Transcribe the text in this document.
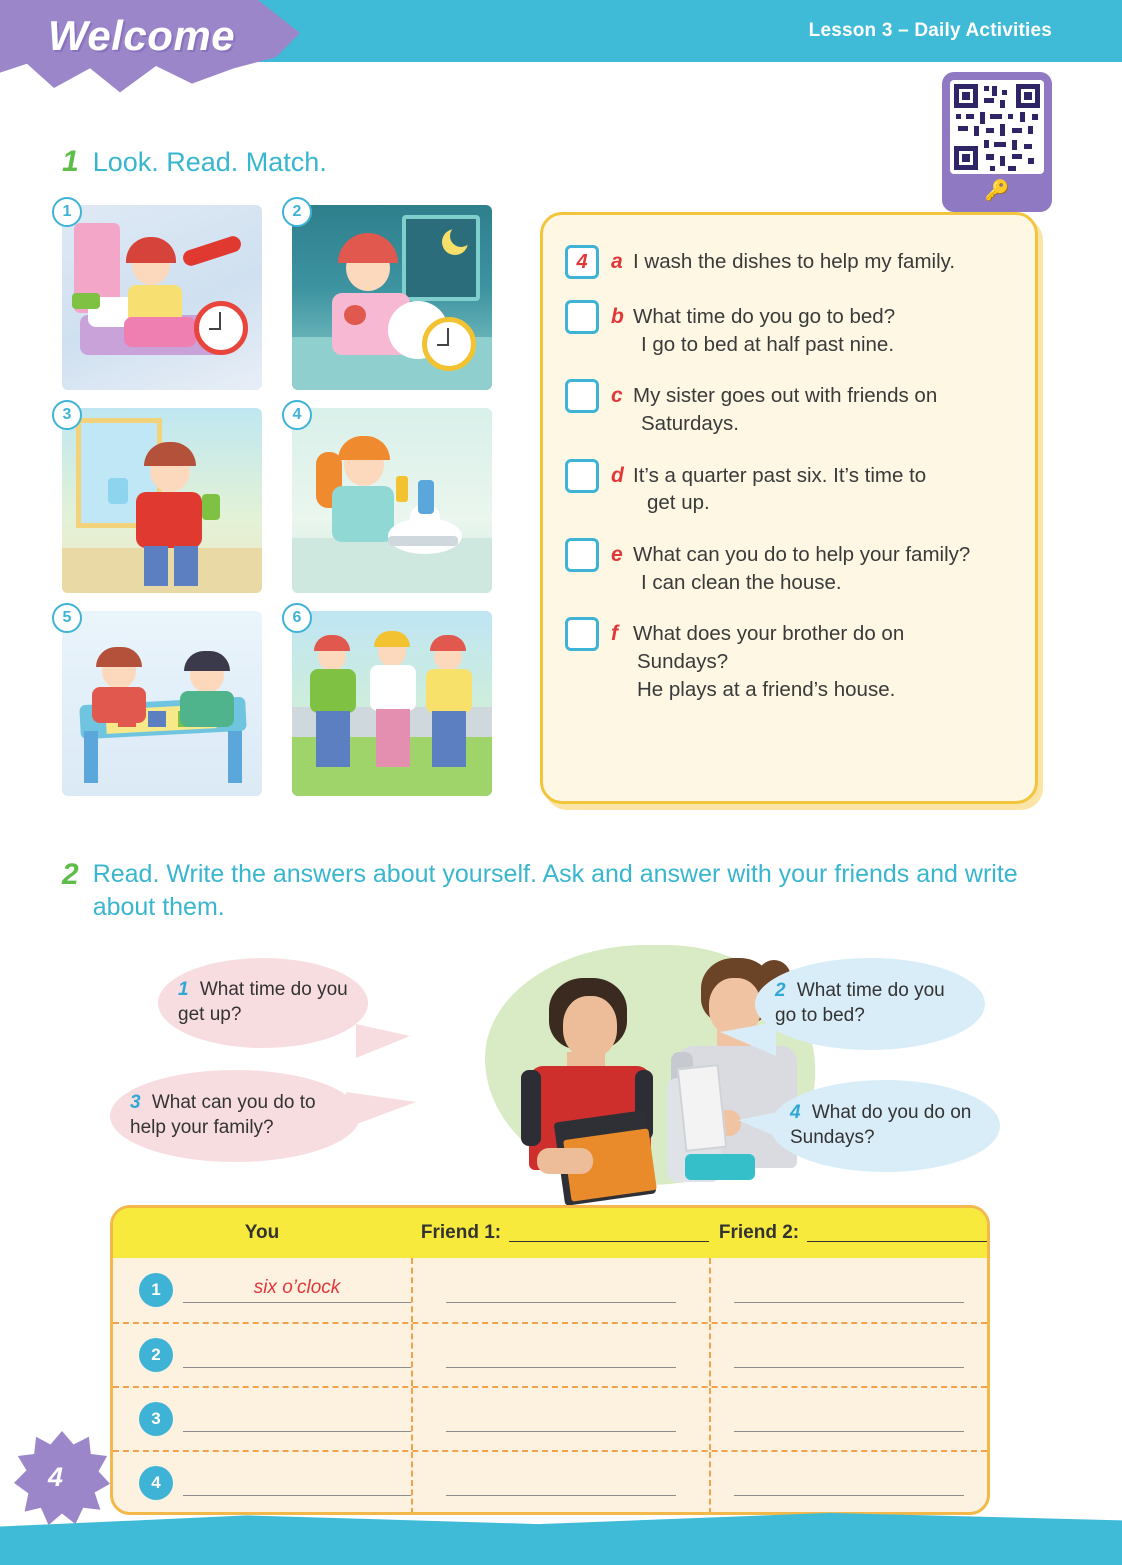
Welcome	Lesson 3 – Daily Activities
🔑
1 Look. Read. Match.
1	2
3	4
5	6
4	a I wash the dishes to help my family.
b What time do you go to bed?
I go to bed at half past nine.
c My sister goes out with friends on
Saturdays.
d It’s a quarter past six. It’s time to
get up.
e What can you do to help your family?
I can clean the house.
f What does your brother do on
Sundays?
He plays at a friend’s house.
2 Read. Write the answers about yourself. Ask and answer with your friends and write about them.
1 What time do you get up?
3 What can you do to help your family?
2 What time do you go to bed?
4 What do you do on Sundays?
You	Friend 1:	Friend 2:
1	six o’clock
2
3
4
4
